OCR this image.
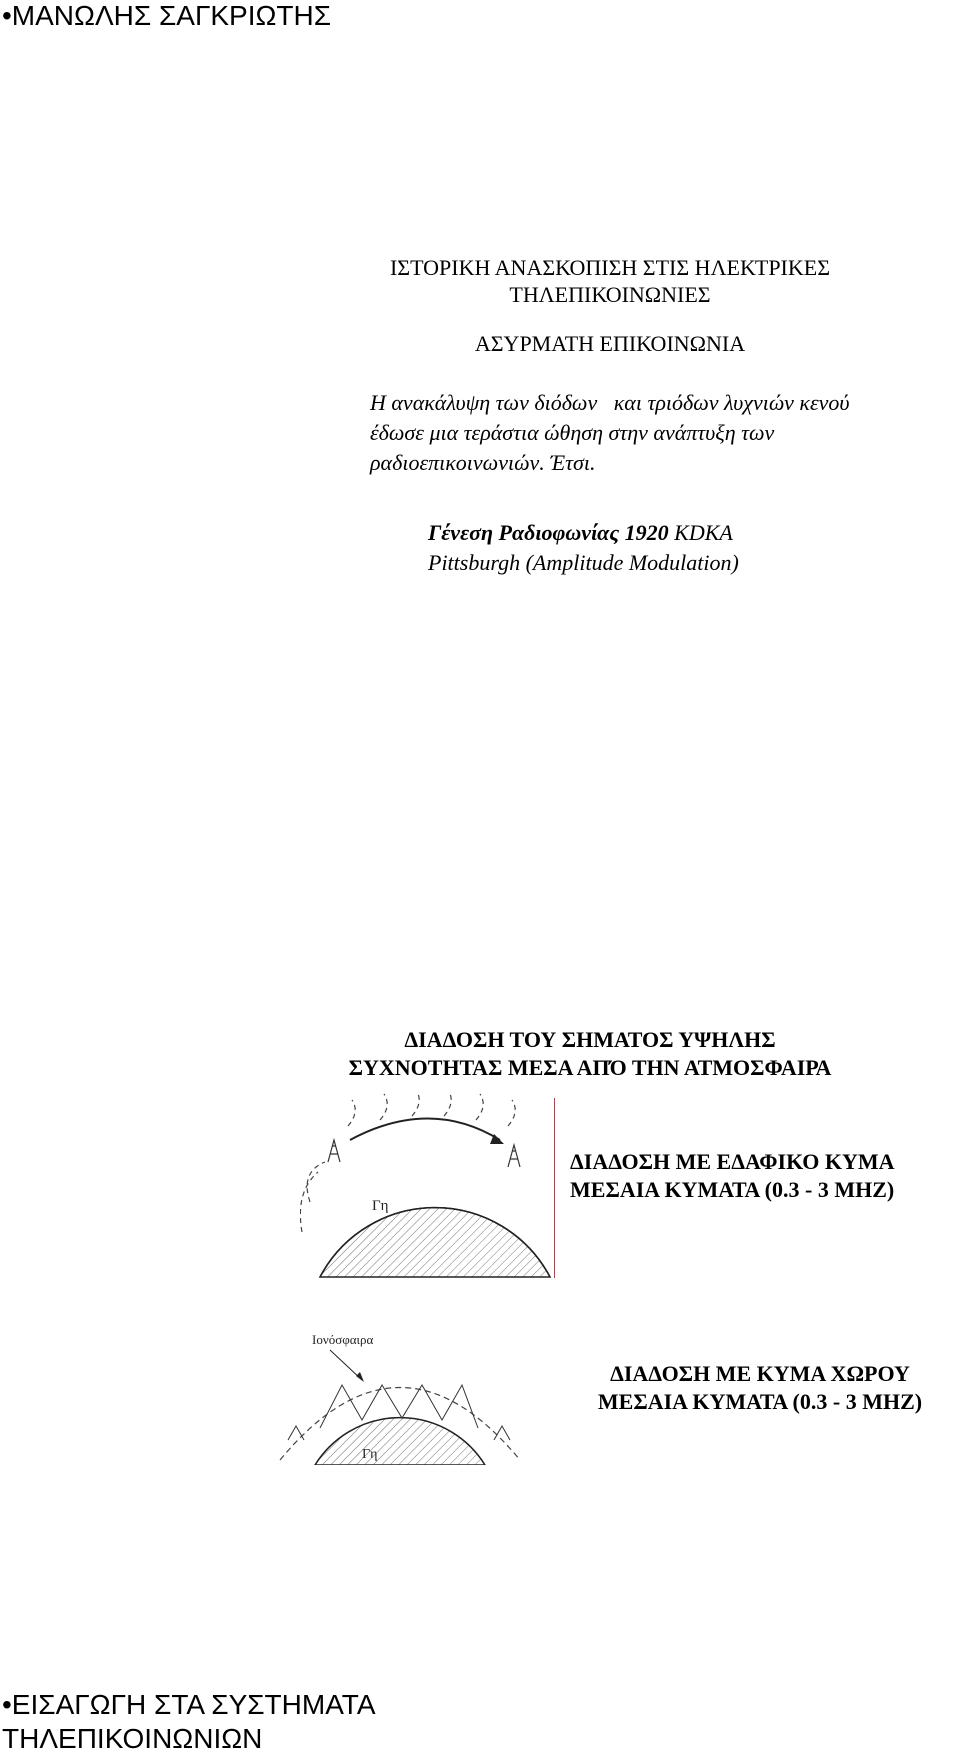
•ΜΑΝΩΛΗΣ ΣΑΓΚΡΙΩΤΗΣ
ΙΣΤΟΡΙΚΗ ΑΝΑΣΚΟΠΙΣΗ ΣΤΙΣ ΗΛΕΚΤΡΙΚΕΣ
ΤΗΛΕΠΙΚΟΙΝΩΝΙΕΣ
ΑΣΥΡΜΑΤΗ ΕΠΙΚΟΙΝΩΝΙΑ
Η ανακάλυψη των διόδων   και τριόδων λυχνιών κενού
έδωσε μια τεράστια ώθηση στην ανάπτυξη των
ραδιοεπικοινωνιών. Έτσι.
Γένεση Ραδιοφωνίας 1920 KDKA
Pittsburgh (Amplitude Modulation)
ΔΙΑΔΟΣΗ ΤΟΥ ΣΗΜΑΤΟΣ ΥΨΗΛΗΣ
ΣΥΧΝΟΤΗΤΑΣ ΜΕΣΑ ΑΠΌ ΤΗΝ ΑΤΜΟΣΦΑΙΡΑ
Γη
ΔΙΑΔΟΣΗ ΜΕ ΕΔΑΦΙΚΟ ΚΥΜΑ
ΜΕΣΑΙΑ ΚΥΜΑΤΑ (0.3 - 3 MHZ)
Ιονόσφαιρα
Γη
ΔΙΑΔΟΣΗ ΜΕ ΚΥΜΑ ΧΩΡΟΥ
ΜΕΣΑΙΑ ΚΥΜΑΤΑ (0.3 - 3 MHZ)
•ΕΙΣΑΓΩΓΗ ΣΤΑ ΣΥΣΤΗΜΑΤΑ
ΤΗΛΕΠΙΚΟΙΝΩΝΙΩΝ
